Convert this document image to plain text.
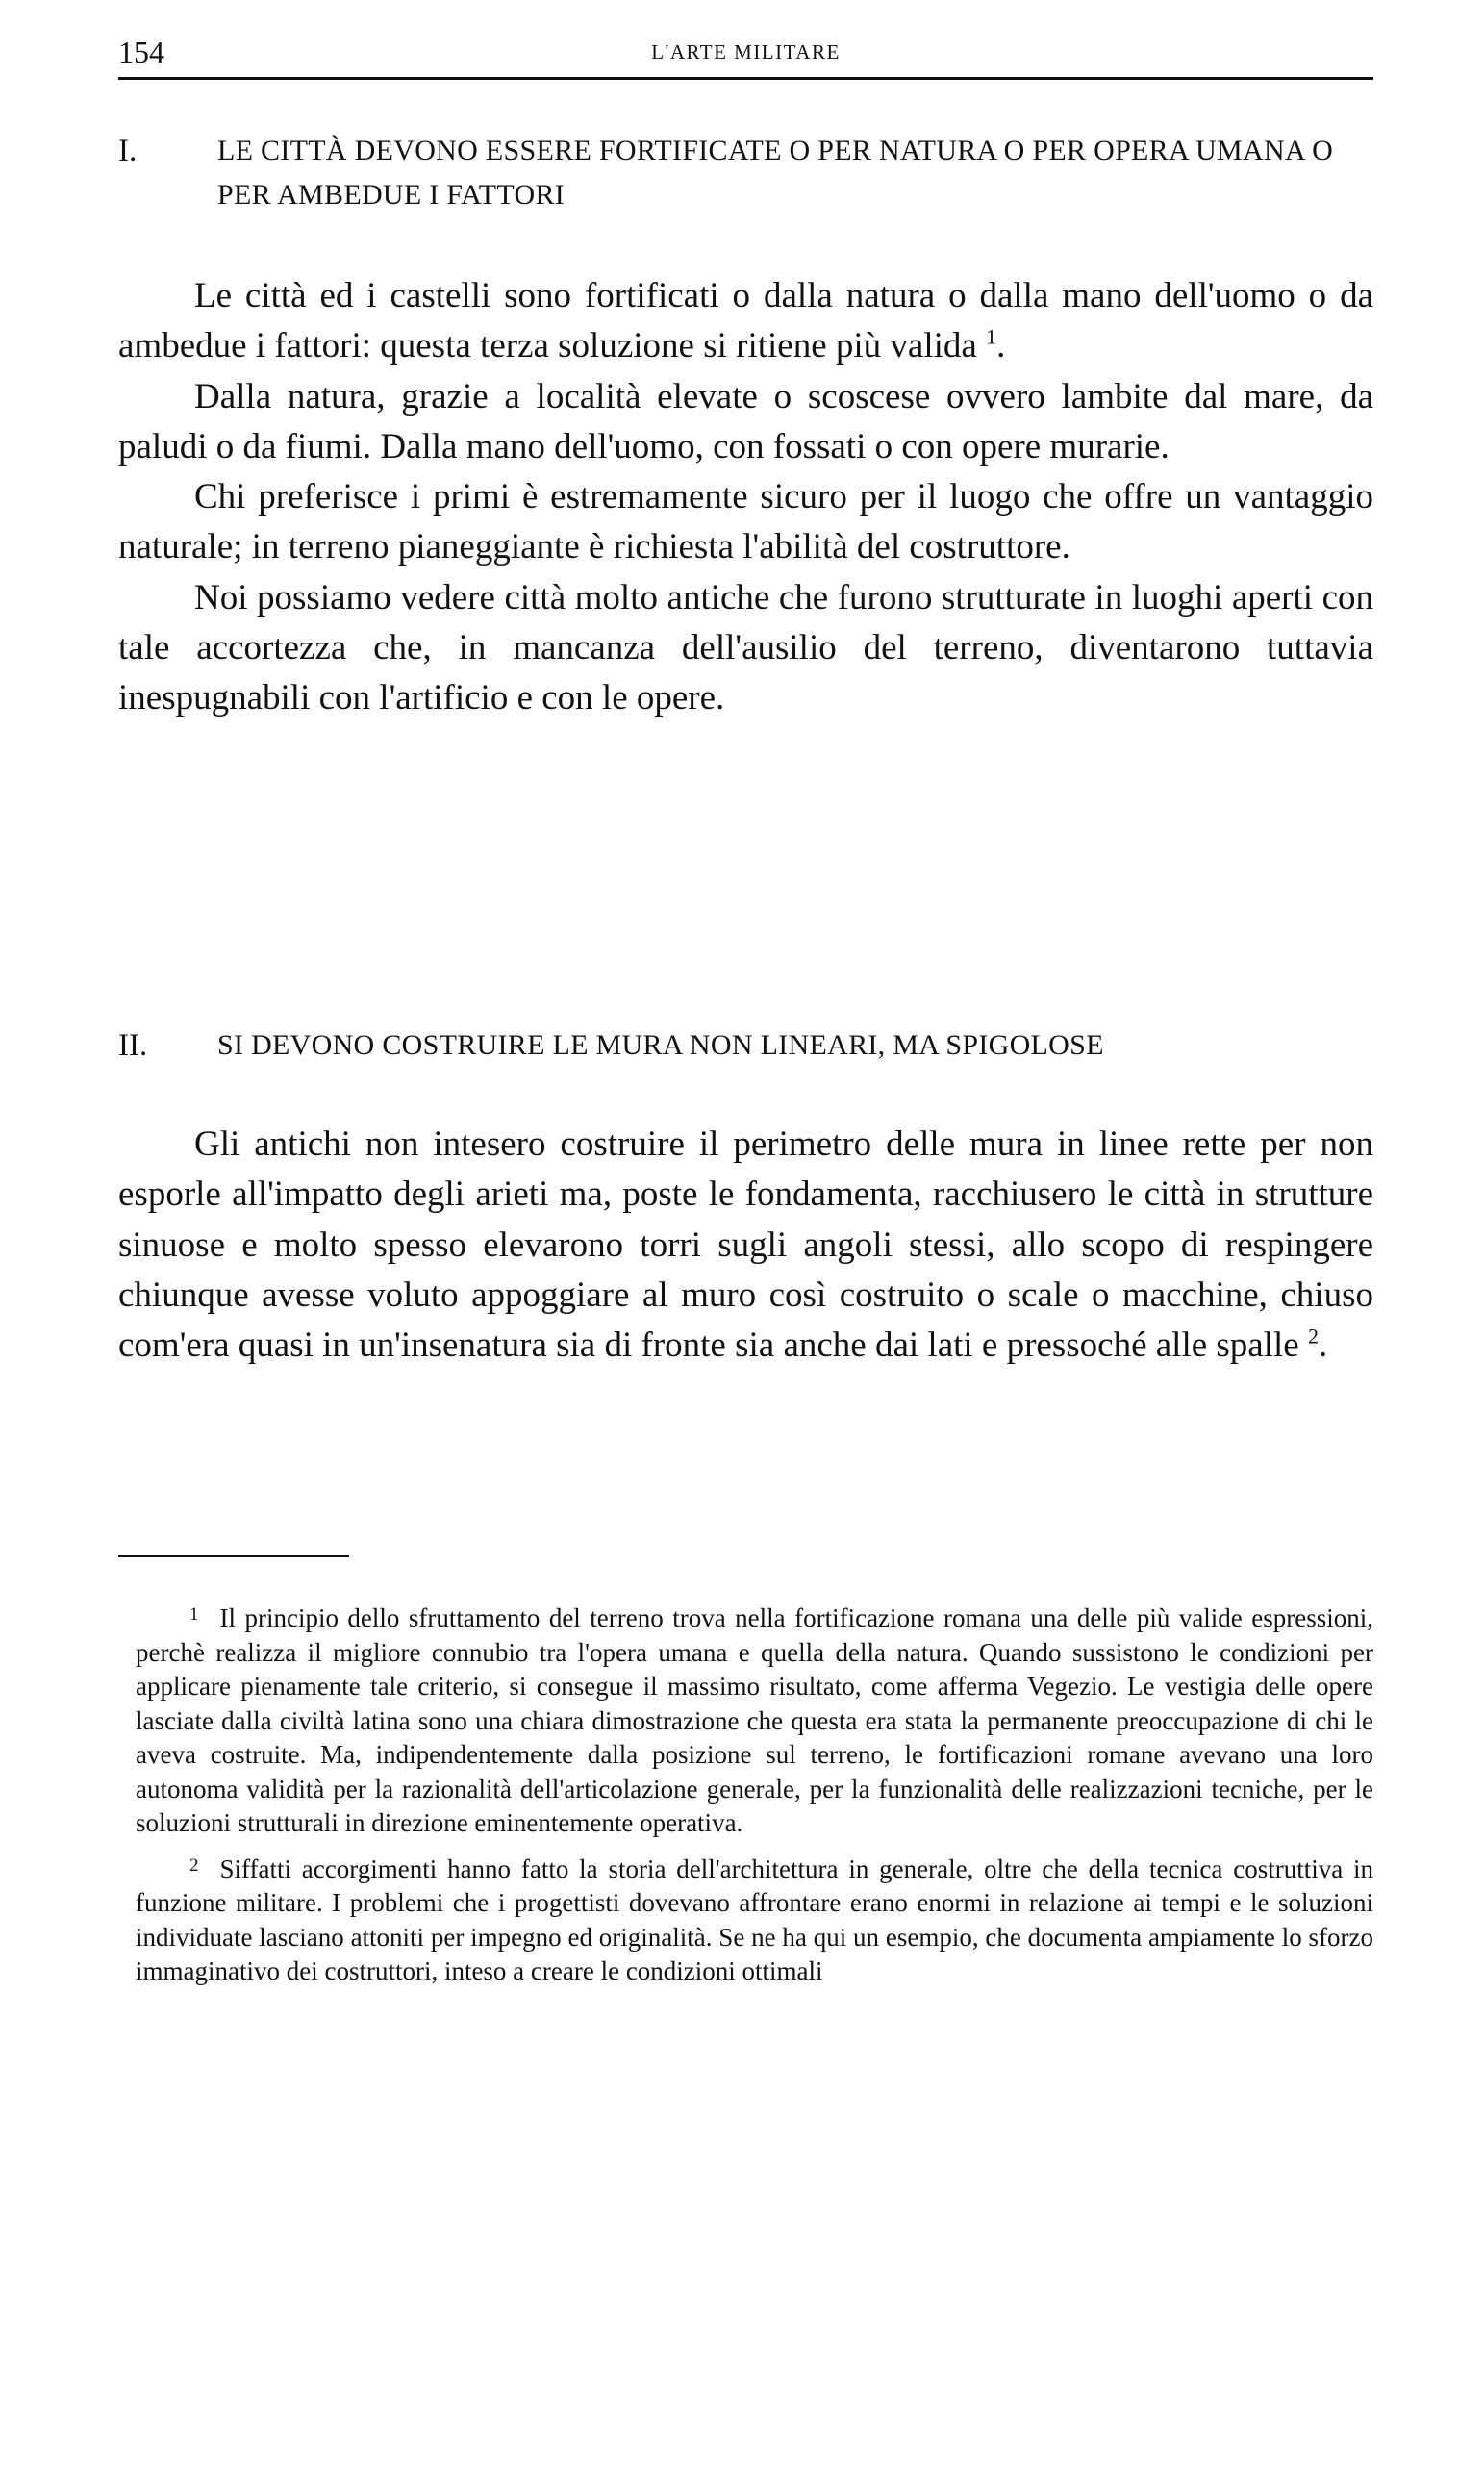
154	L'ARTE MILITARE
I.	LE CITTÀ DEVONO ESSERE FORTIFICATE O PER NATURA O PER OPERA UMANA O PER AMBEDUE I FATTORI

Le città ed i castelli sono fortificati o dalla natura o dalla mano dell'uomo o da ambedue i fattori: questa terza soluzione si ritiene più valida $^1$.

Dalla natura, grazie a località elevate o scoscese ovvero lambite dal mare, da paludi o da fiumi. Dalla mano dell'uomo, con fossati o con opere murarie.

Chi preferisce i primi è estremamente sicuro per il luogo che offre un vantaggio naturale; in terreno pianeggiante è richiesta l'abilità del costruttore.

Noi possiamo vedere città molto antiche che furono strutturate in luoghi aperti con tale accortezza che, in mancanza dell'ausilio del terreno, diventarono tuttavia inespugnabili con l'artificio e con le opere.

II. SI DEVONO COSTRUIRE LE MURA NON LINEARI, MA SPIGOLOSE

Gli antichi non intesero costruire il perimetro delle mura in linee rette per non esporle all'impatto degli arieti ma, poste le fondamenta, racchiusero le città in strutture sinuose e molto spesso elevarono torri sugli angoli stessi, allo scopo di respingere chiunque avesse voluto appoggiare al muro così costruito o scale o macchine, chiuso com'era quasi in un'insenatura sia di fronte sia anche dai lati e pressoché alle spalle $^2$.

$^1$ Il principio dello sfruttamento del terreno trova nella fortificazione romana una delle più valide espressioni, perchè realizza il migliore connubio tra l'opera umana e quella della natura. Quando sussistono le condizioni per applicare pienamente tale criterio, si consegue il massimo risultato, come afferma Vegezio. Le vestigia delle opere lasciate dalla civiltà latina sono una chiara dimostrazione che questa era stata la permanente preoccupazione di chi le aveva costruite. Ma, indipendentemente dalla posizione sul terreno, le fortificazioni romane avevano una loro autonoma validità per la razionalità dell'articolazione generale, per la funzionalità delle realizzazioni tecniche, per le soluzioni strutturali in direzione eminentemente operativa.

$^2$ Siffatti accorgimenti hanno fatto la storia dell'architettura in generale, oltre che della tecnica costruttiva in funzione militare. I problemi che i progettisti dovevano affrontare erano enormi in relazione ai tempi e le soluzioni individuate lasciano attoniti per impegno ed originalità. Se ne ha qui un esempio, che documenta ampiamente lo sforzo immaginativo dei costruttori, inteso a creare le condizioni ottimali
